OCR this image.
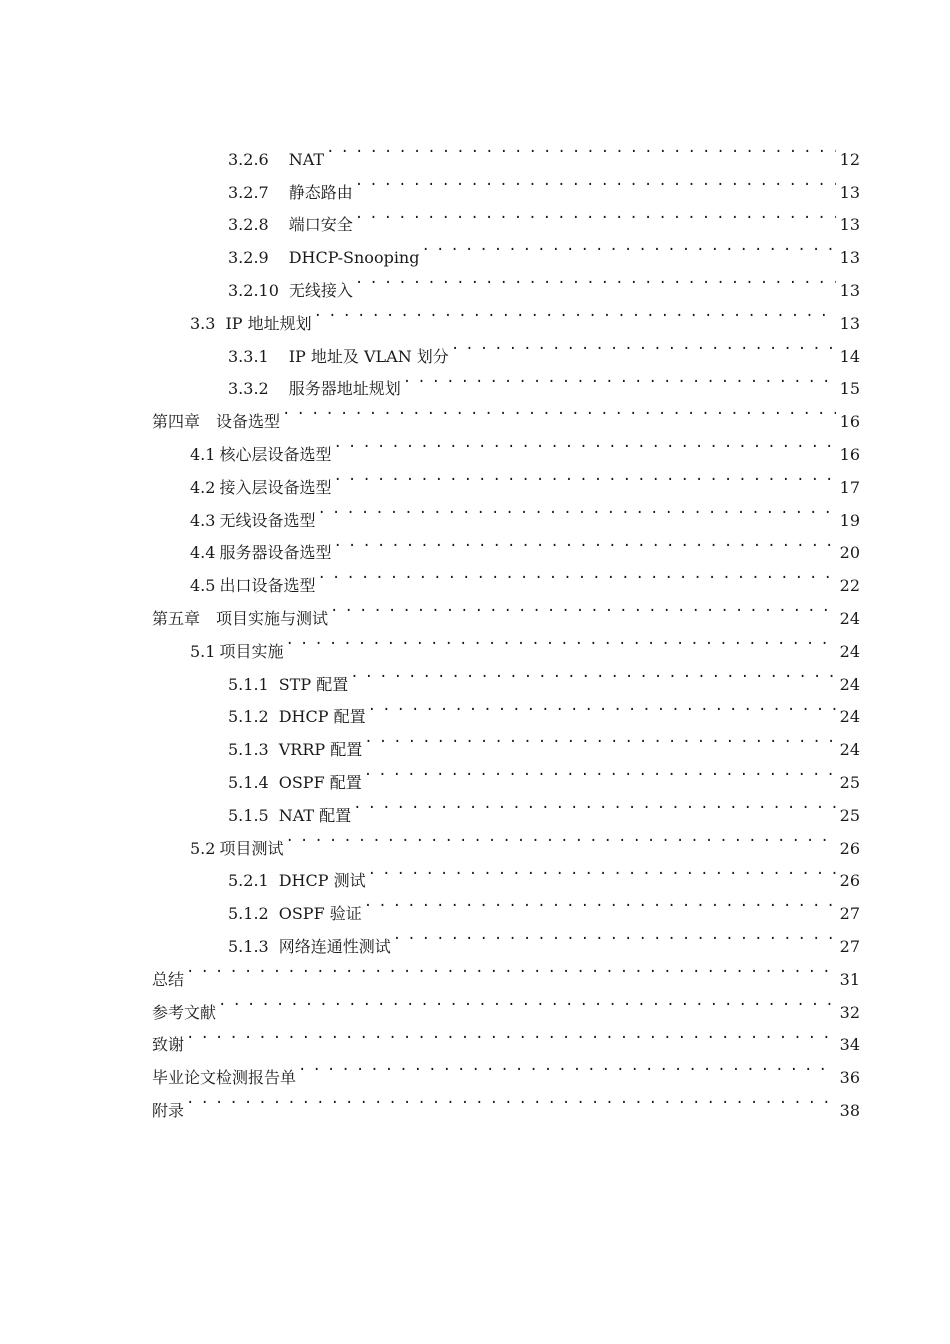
3.2.6 NAT . . .	12
3.2.7 静态路由 . . .	13
3.2.8 端口安全 . . .	13
3.2.9 DHCP-Snooping . . .	13
3.2.10 无线接入 . . .	13
3.3 IP 地址规划 . . .	13
3.3.1 IP 地址及 VLAN 划分 . . .	14
3.3.2 服务器地址规划 . . .	15
第四章 设备选型 . . .	16
4.1 核心层设备选型 . . .	16
4.2 接入层设备选型 . . .	17
4.3 无线设备选型 . . .	19
4.4 服务器设备选型 . . .	20
4.5 出口设备选型 . . .	22
第五章 项目实施与测试 . . .	24
5.1 项目实施 . . .	24
5.1.1 STP 配置 . . .	24
5.1.2 DHCP 配置 . . .	24
5.1.3 VRRP 配置 . . .	24
5.1.4 OSPF 配置 . . .	25
5.1.5 NAT 配置 . . .	25
5.2 项目测试 . . .	26
5.2.1 DHCP 测试 . . .	26
5.1.2 OSPF 验证 . . .	27
5.1.3 网络连通性测试 . . .	27
总结 . . .	31
参考文献 . . .	32
致谢 . . .	34
毕业论文检测报告单 . . .	36
附录 . . .	38
